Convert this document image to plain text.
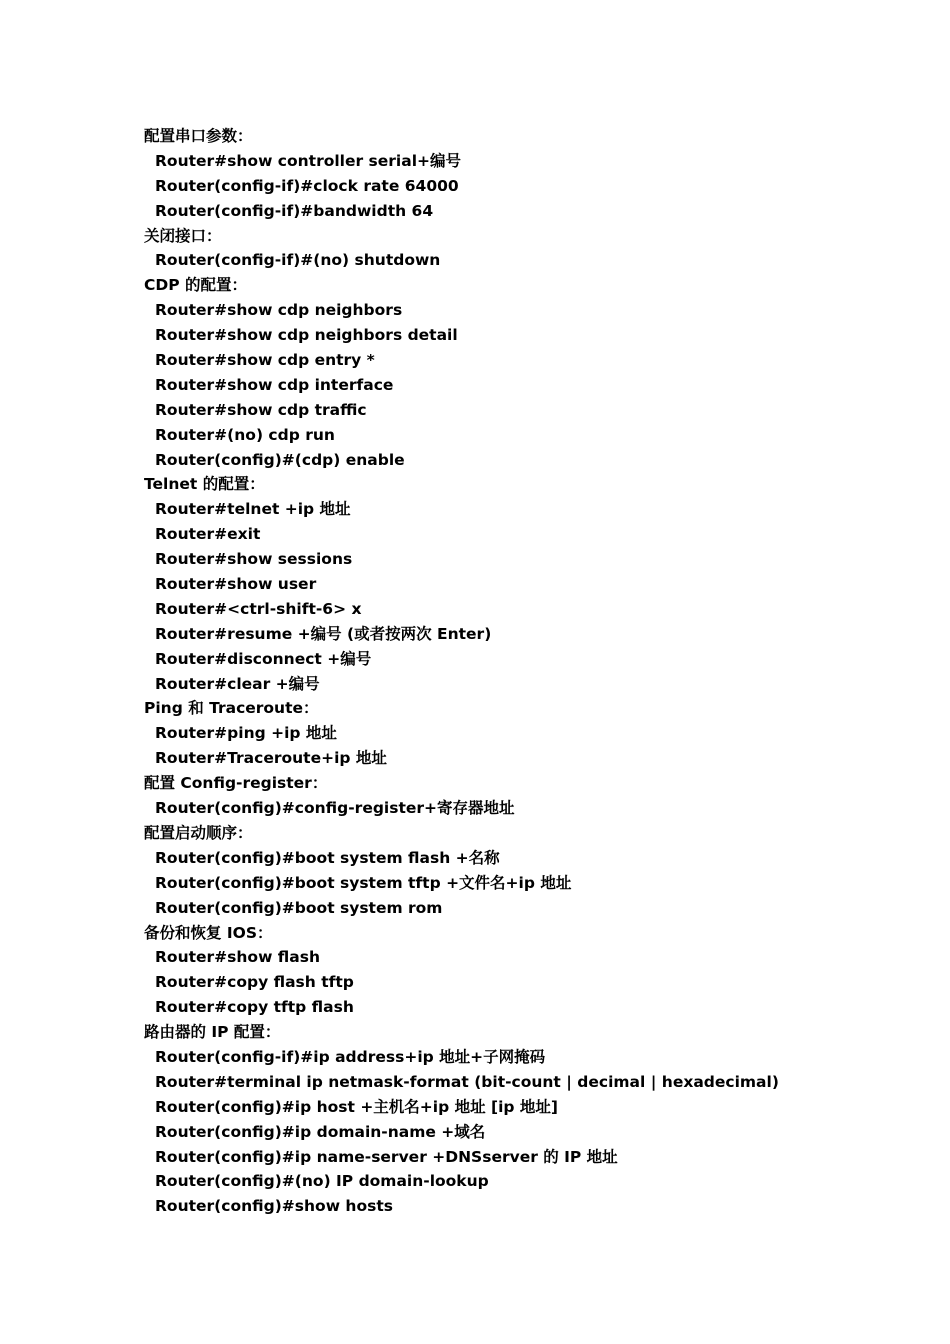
配置串口参数：
Router#show controller serial+编号
Router(config-if)#clock rate 64000
Router(config-if)#bandwidth 64
关闭接口：
Router(config-if)#(no) shutdown
CDP 的配置：
Router#show cdp neighbors
Router#show cdp neighbors detail
Router#show cdp entry *
Router#show cdp interface
Router#show cdp traffic
Router#(no) cdp run
Router(config)#(cdp) enable
Telnet 的配置：
Router#telnet +ip 地址
Router#exit
Router#show sessions
Router#show user
Router#<ctrl-shift-6> x
Router#resume +编号 (或者按两次 Enter)
Router#disconnect +编号
Router#clear +编号
Ping 和 Traceroute：
Router#ping +ip 地址
Router#Traceroute+ip 地址
配置 Config-register：
Router(config)#config-register+寄存器地址
配置启动顺序：
Router(config)#boot system flash +名称
Router(config)#boot system tftp +文件名+ip 地址
Router(config)#boot system rom
备份和恢复 IOS：
Router#show flash
Router#copy flash tftp
Router#copy tftp flash
路由器的 IP 配置：
Router(config-if)#ip address+ip 地址+子网掩码
Router#terminal ip netmask-format (bit-count | decimal | hexadecimal)
Router(config)#ip host +主机名+ip 地址 [ip 地址]
Router(config)#ip domain-name +域名
Router(config)#ip name-server +DNSserver 的 IP 地址
Router(config)#(no) IP domain-lookup
Router(config)#show hosts
